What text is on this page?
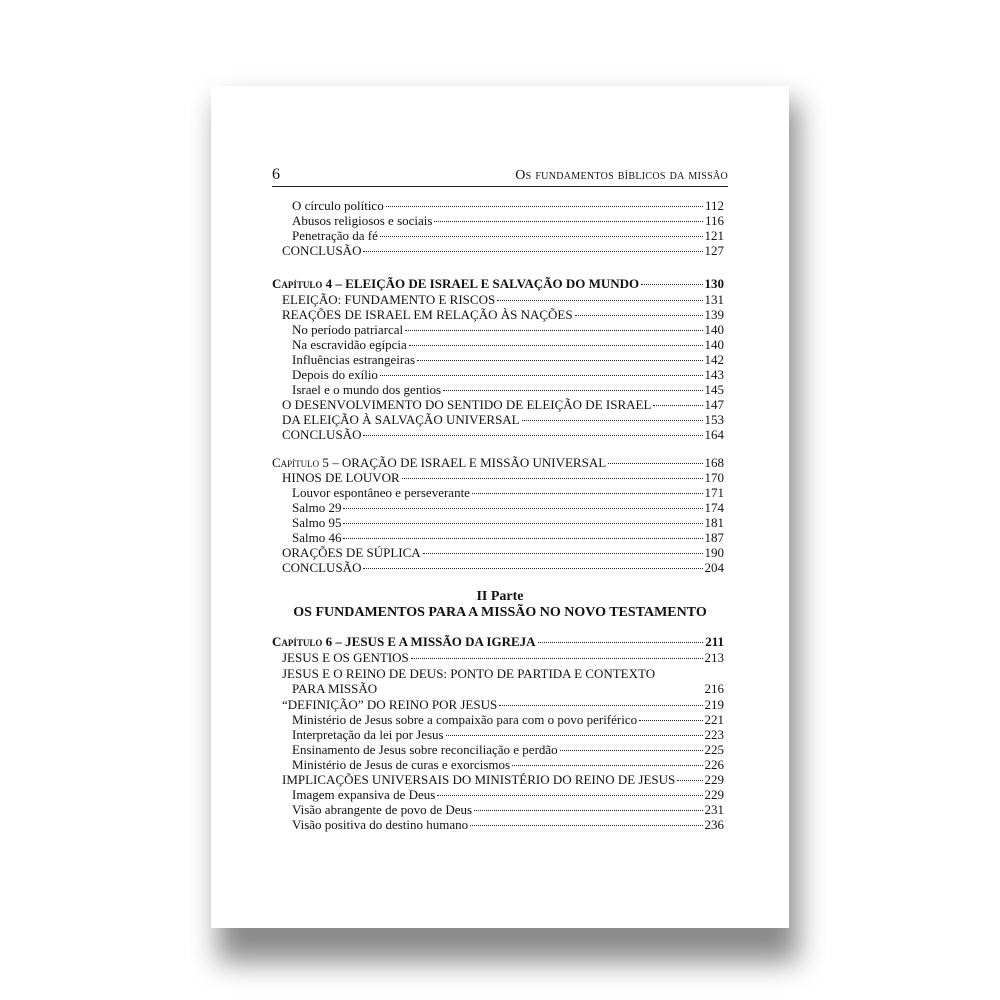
6	Os fundamentos bíblicos da missão
O círculo político	112
Abusos religiosos e sociais	116
Penetração da fé	121
CONCLUSÃO	127
Capítulo 4 – ELEIÇÃO DE ISRAEL E SALVAÇÃO DO MUNDO	130
ELEIÇÃO: FUNDAMENTO E RISCOS	131
REAÇÕES DE ISRAEL EM RELAÇÃO ÀS NAÇÕES	139
No período patriarcal	140
Na escravidão egípcia	140
Influências estrangeiras	142
Depois do exílio	143
Israel e o mundo dos gentios	145
O DESENVOLVIMENTO DO SENTIDO DE ELEIÇÃO DE ISRAEL	147
DA ELEIÇÃO À SALVAÇÃO UNIVERSAL	153
CONCLUSÃO	164
Capítulo 5 – ORAÇÃO DE ISRAEL E MISSÃO UNIVERSAL	168
HINOS DE LOUVOR	170
Louvor espontâneo e perseverante	171
Salmo 29	174
Salmo 95	181
Salmo 46	187
ORAÇÕES DE SÚPLICA	190
CONCLUSÃO	204
II Parte
OS FUNDAMENTOS PARA A MISSÃO NO NOVO TESTAMENTO
Capítulo 6 – JESUS E A MISSÃO DA IGREJA	211
JESUS E OS GENTIOS	213
JESUS E O REINO DE DEUS: PONTO DE PARTIDA E CONTEXTO
PARA MISSÃO	216
“DEFINIÇÃO” DO REINO POR JESUS	219
Ministério de Jesus sobre a compaixão para com o povo periférico	221
Interpretação da lei por Jesus	223
Ensinamento de Jesus sobre reconciliação e perdão	225
Ministério de Jesus de curas e exorcismos	226
IMPLICAÇÕES UNIVERSAIS DO MINISTÉRIO DO REINO DE JESUS 229
Imagem expansiva de Deus	229
Visão abrangente de povo de Deus	231
Visão positiva do destino humano	236
